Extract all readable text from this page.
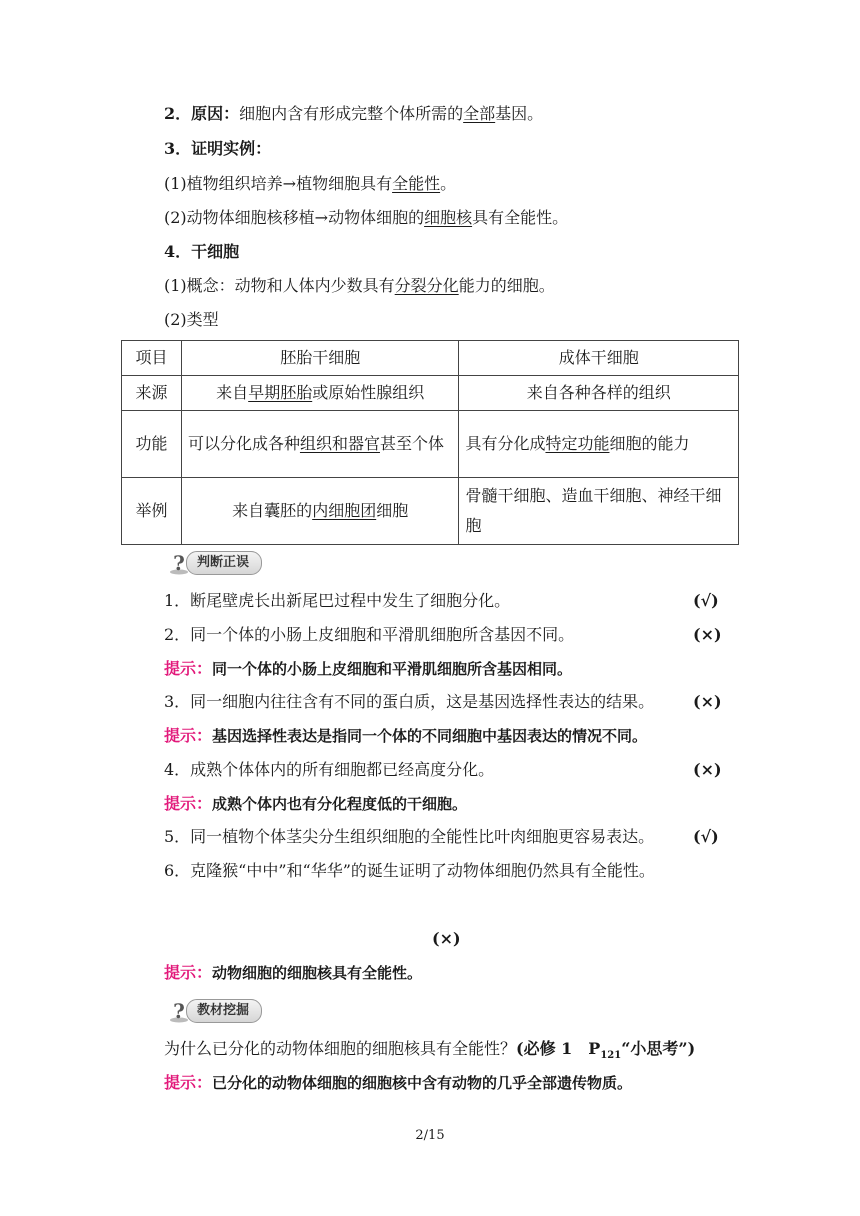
2．原因：细胞内含有形成完整个体所需的全部基因。
3．证明实例：
(1)植物组织培养→植物细胞具有全能性。
(2)动物体细胞核移植→动物体细胞的细胞核具有全能性。
4．干细胞
(1)概念：动物和人体内少数具有分裂分化能力的细胞。
(2)类型
项目	胚胎干细胞	成体干细胞
来源	来自早期胚胎或原始性腺组织	来自各种各样的组织
功能	可以分化成各种组织和器官甚至个体	具有分化成特定功能细胞的能力
举例	来自囊胚的内细胞团细胞	骨髓干细胞、造血干细胞、神经干细胞
? 判断正误
1．断尾壁虎长出新尾巴过程中发生了细胞分化。	(√)
2．同一个体的小肠上皮细胞和平滑肌细胞所含基因不同。	(×)
提示：同一个体的小肠上皮细胞和平滑肌细胞所含基因相同。
3．同一细胞内往往含有不同的蛋白质，这是基因选择性表达的结果。 (×)
提示：基因选择性表达是指同一个体的不同细胞中基因表达的情况不同。
4．成熟个体体内的所有细胞都已经高度分化。	(×)
提示：成熟个体内也有分化程度低的干细胞。
5．同一植物个体茎尖分生组织细胞的全能性比叶肉细胞更容易表达。 (√)
6．克隆猴“中中”和“华华”的诞生证明了动物体细胞仍然具有全能性。
(×)
提示：动物细胞的细胞核具有全能性。
? 教材挖掘
为什么已分化的动物体细胞的细胞核具有全能性？(必修 1　$P_{121}“$小思考”)
提示：已分化的动物体细胞的细胞核中含有动物的几乎全部遗传物质。
2/15
